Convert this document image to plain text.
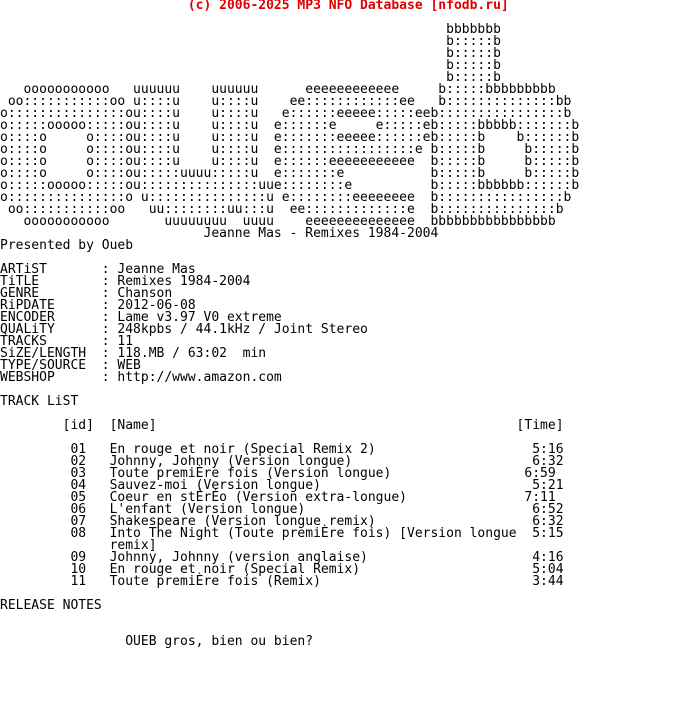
(c) 2006-2025 MP3 NFO Database [nfodb.ru]

bbbbbbb
b:::::b
b:::::b
b:::::b
b:::::b
ooooooooooo   uuuuuu    uuuuuu      eeeeeeeeeeee     b:::::bbbbbbbbb
oo:::::::::::oo u::::u    u::::u    ee::::::::::::ee   b::::::::::::::bb
o:::::::::::::::ou::::u    u::::u   e::::::eeeee:::::eeb::::::::::::::::b
o:::::ooooo:::::ou::::u    u::::u  e::::::e     e:::::eb:::::bbbbb:::::::b
o::::o     o::::ou::::u    u::::u  e:::::::eeeee::::::eb:::::b    b::::::b
o::::o     o::::ou::::u    u::::u  e:::::::::::::::::e b:::::b     b:::::b
o::::o     o::::ou::::u    u::::u  e::::::eeeeeeeeeee  b:::::b     b:::::b
o::::o     o::::ou:::::uuuu:::::u  e:::::::e           b:::::b     b:::::b
o:::::ooooo:::::ou:::::::::::::::uue::::::::e          b:::::bbbbbb::::::b
o:::::::::::::::o u:::::::::::::::u e::::::::eeeeeeee  b::::::::::::::::b
oo:::::::::::oo   uu::::::::uu:::u  ee:::::::::::::e  b:::::::::::::::b
ooooooooooo       uuuuuuuu  uuuu    eeeeeeeeeeeeee  bbbbbbbbbbbbbbbb
Jeanne Mas - Remixes 1984-2004
Presented by Oueb

ARTiST       : Jeanne Mas
TiTLE        : Remixes 1984-2004
GENRE        : Chanson
RiPDATE      : 2012-06-08
ENCODER      : Lame v3.97 V0 extreme
QUALiTY      : 248kpbs / 44.1kHz / Joint Stereo
TRACKS       : 11
SiZE/LENGTH  : 118.MB / 63:02  min
TYPE/SOURCE  : WEB
WEBSHOP      : http://www.amazon.com

TRACK LiST

[id]  [Name]                                              [Time]

01   En rouge et noir (Special Remix 2)                    5:16
02   Johnny, Johnny (Version longue)                       6:32
03   Toute premiÈre fois (Version longue)                 6:59
04   Sauvez-moi (Version longue)                           5:21
05   Coeur en stÉrÉo (Version extra-longue)               7:11
06   L'enfant (Version longue)                             6:52
07   Shakespeare (Version longue remix)                    6:32
08   Into The Night (Toute premiÈre fois) [Version longue  5:15
remix]
09   Johnny, Johnny (version anglaise)                     4:16
10   En rouge et noir (Special Remix)                      5:04
11   Toute premiÈre fois (Remix)                           3:44

RELEASE NOTES

OUEB gros, bien ou bien?
